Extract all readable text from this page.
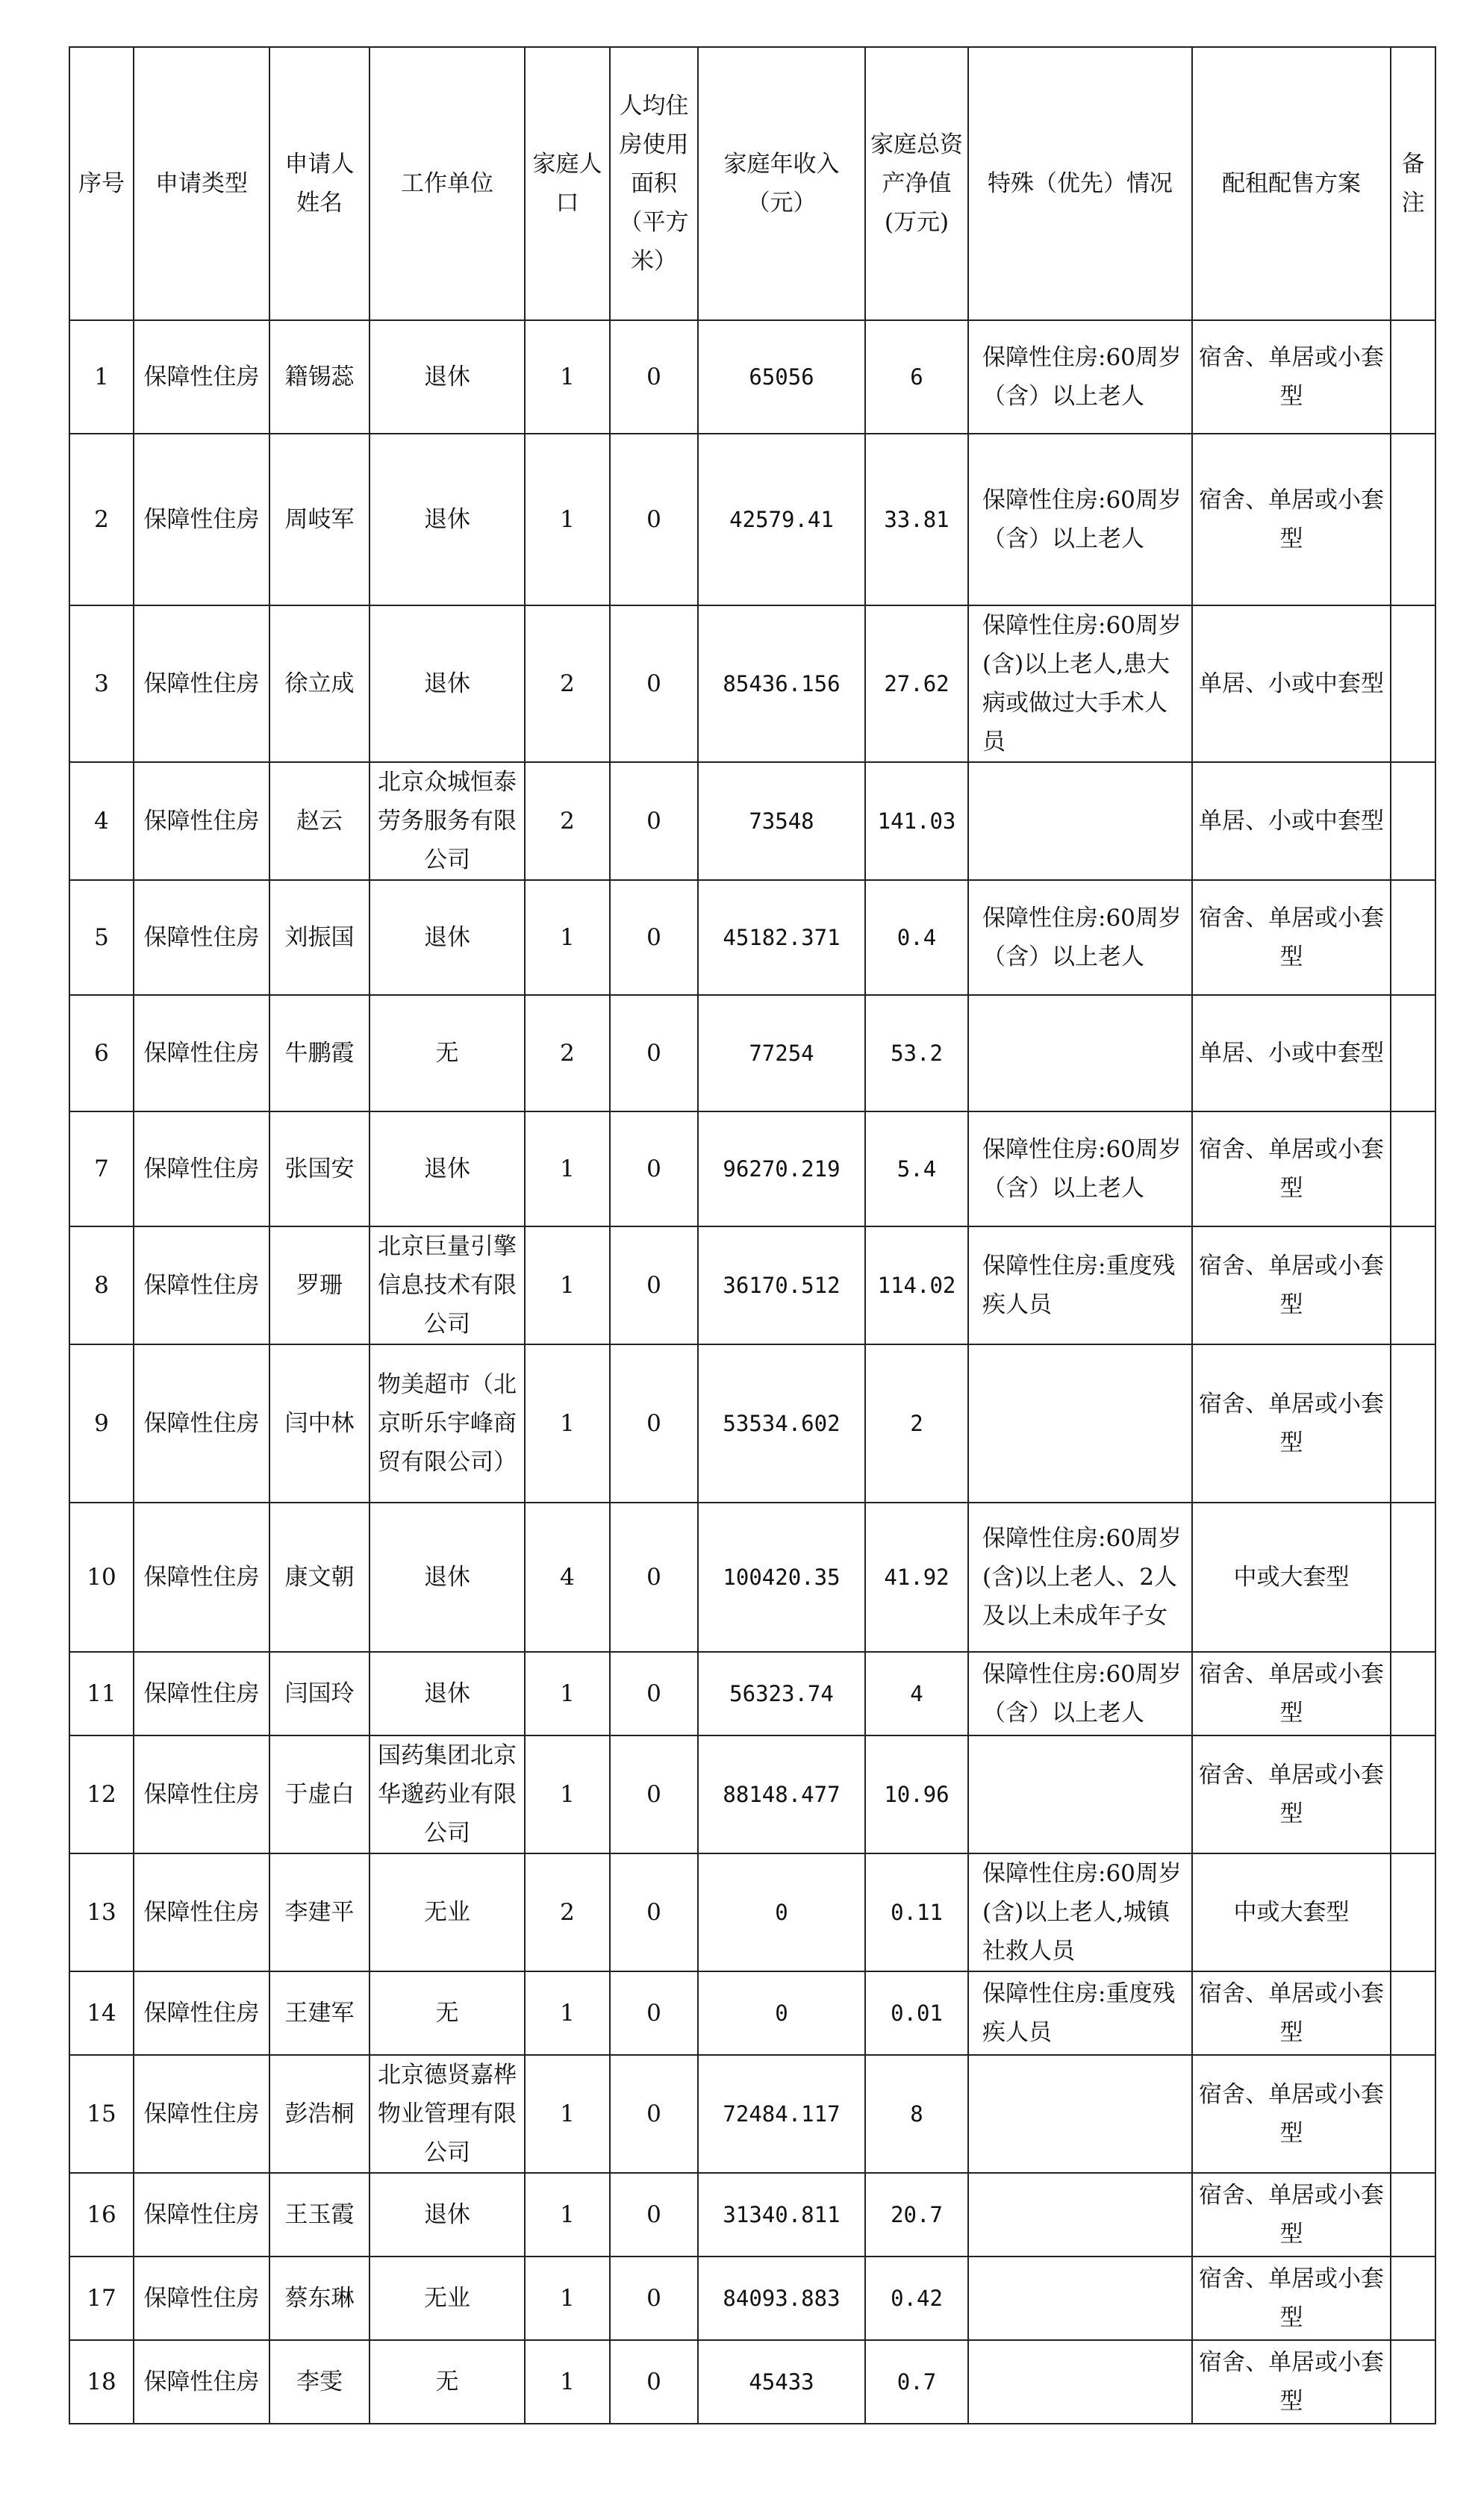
序号	申请类型	申请人姓名	工作单位	家庭人口	人均住房使用面积（平方米）	家庭年收入（元）	家庭总资产净值(万元)	特殊（优先）情况	配租配售方案	备注
1	保障性住房	籍锡蕊	退休	1	0	65056	6	保障性住房:60周岁（含）以上老人	宿舍、单居或小套型	
2	保障性住房	周岐军	退休	1	0	42579.41	33.81	保障性住房:60周岁（含）以上老人	宿舍、单居或小套型	
3	保障性住房	徐立成	退休	2	0	85436.156	27.62	保障性住房:60周岁(含)以上老人,患大病或做过大手术人员	单居、小或中套型	
4	保障性住房	赵云	北京众城恒泰劳务服务有限公司	2	0	73548	141.03		单居、小或中套型	
5	保障性住房	刘振国	退休	1	0	45182.371	0.4	保障性住房:60周岁（含）以上老人	宿舍、单居或小套型	
6	保障性住房	牛鹏霞	无	2	0	77254	53.2		单居、小或中套型	
7	保障性住房	张国安	退休	1	0	96270.219	5.4	保障性住房:60周岁（含）以上老人	宿舍、单居或小套型	
8	保障性住房	罗珊	北京巨量引擎信息技术有限公司	1	0	36170.512	114.02	保障性住房:重度残疾人员	宿舍、单居或小套型	
9	保障性住房	闫中林	物美超市（北京昕乐宇峰商贸有限公司）	1	0	53534.602	2		宿舍、单居或小套型	
10	保障性住房	康文朝	退休	4	0	100420.35	41.92	保障性住房:60周岁(含)以上老人、2人及以上未成年子女	中或大套型	
11	保障性住房	闫国玲	退休	1	0	56323.74	4	保障性住房:60周岁（含）以上老人	宿舍、单居或小套型	
12	保障性住房	于虚白	国药集团北京华邈药业有限公司	1	0	88148.477	10.96		宿舍、单居或小套型	
13	保障性住房	李建平	无业	2	0	0	0.11	保障性住房:60周岁(含)以上老人,城镇社救人员	中或大套型	
14	保障性住房	王建军	无	1	0	0	0.01	保障性住房:重度残疾人员	宿舍、单居或小套型	
15	保障性住房	彭浩桐	北京德贤嘉桦物业管理有限公司	1	0	72484.117	8		宿舍、单居或小套型	
16	保障性住房	王玉霞	退休	1	0	31340.811	20.7		宿舍、单居或小套型	
17	保障性住房	蔡东琳	无业	1	0	84093.883	0.42		宿舍、单居或小套型	
18	保障性住房	李雯	无	1	0	45433	0.7		宿舍、单居或小套型	
